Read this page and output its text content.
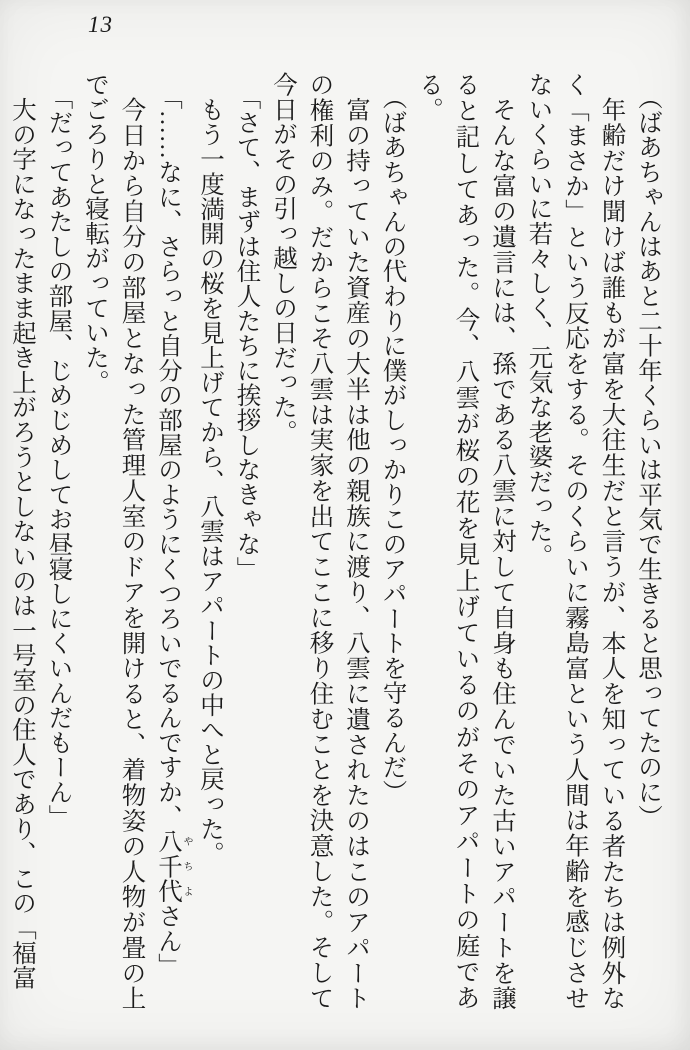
13

（ばあちゃんはあと二十年くらいは平気で生きると思ってたのに）

年齢だけ聞けば誰もが富を大往生だと言うが、本人を知っている者たちは例外なく「まさか」という反応をする。そのくらいに霧島富という人間は年齢を感じさせないくらいに若々しく、元気な老婆だった。

そんな富の遺言には、孫である八雲に対して自身も住んでいた古いアパートを譲ると記してあった。今、八雲が桜の花を見上げているのがそのアパートの庭である。

（ばあちゃんの代わりに僕がしっかりこのアパートを守るんだ）

富の持っていた資産の大半は他の親族に渡り、八雲に遺されたのはこのアパートの権利のみ。だからこそ八雲は実家を出てここに移り住むことを決意した。そして今日がその引っ越しの日だった。

「さて、まずは住人たちに挨拶しなきゃな」

もう一度満開の桜を見上げてから、八雲はアパートの中へと戻った。

「……なに、さらっと自分の部屋のようにくつろいでるんですか、八千代 やちよさん」

今日から自分の部屋となった管理人室のドアを開けると、着物姿の人物が畳の上でごろりと寝転がっていた。

「だってあたしの部屋、じめじめしてお昼寝しにくいんだもーん」

大の字になったまま起き上がろうとしないのは一号室の住人であり、この「福富
